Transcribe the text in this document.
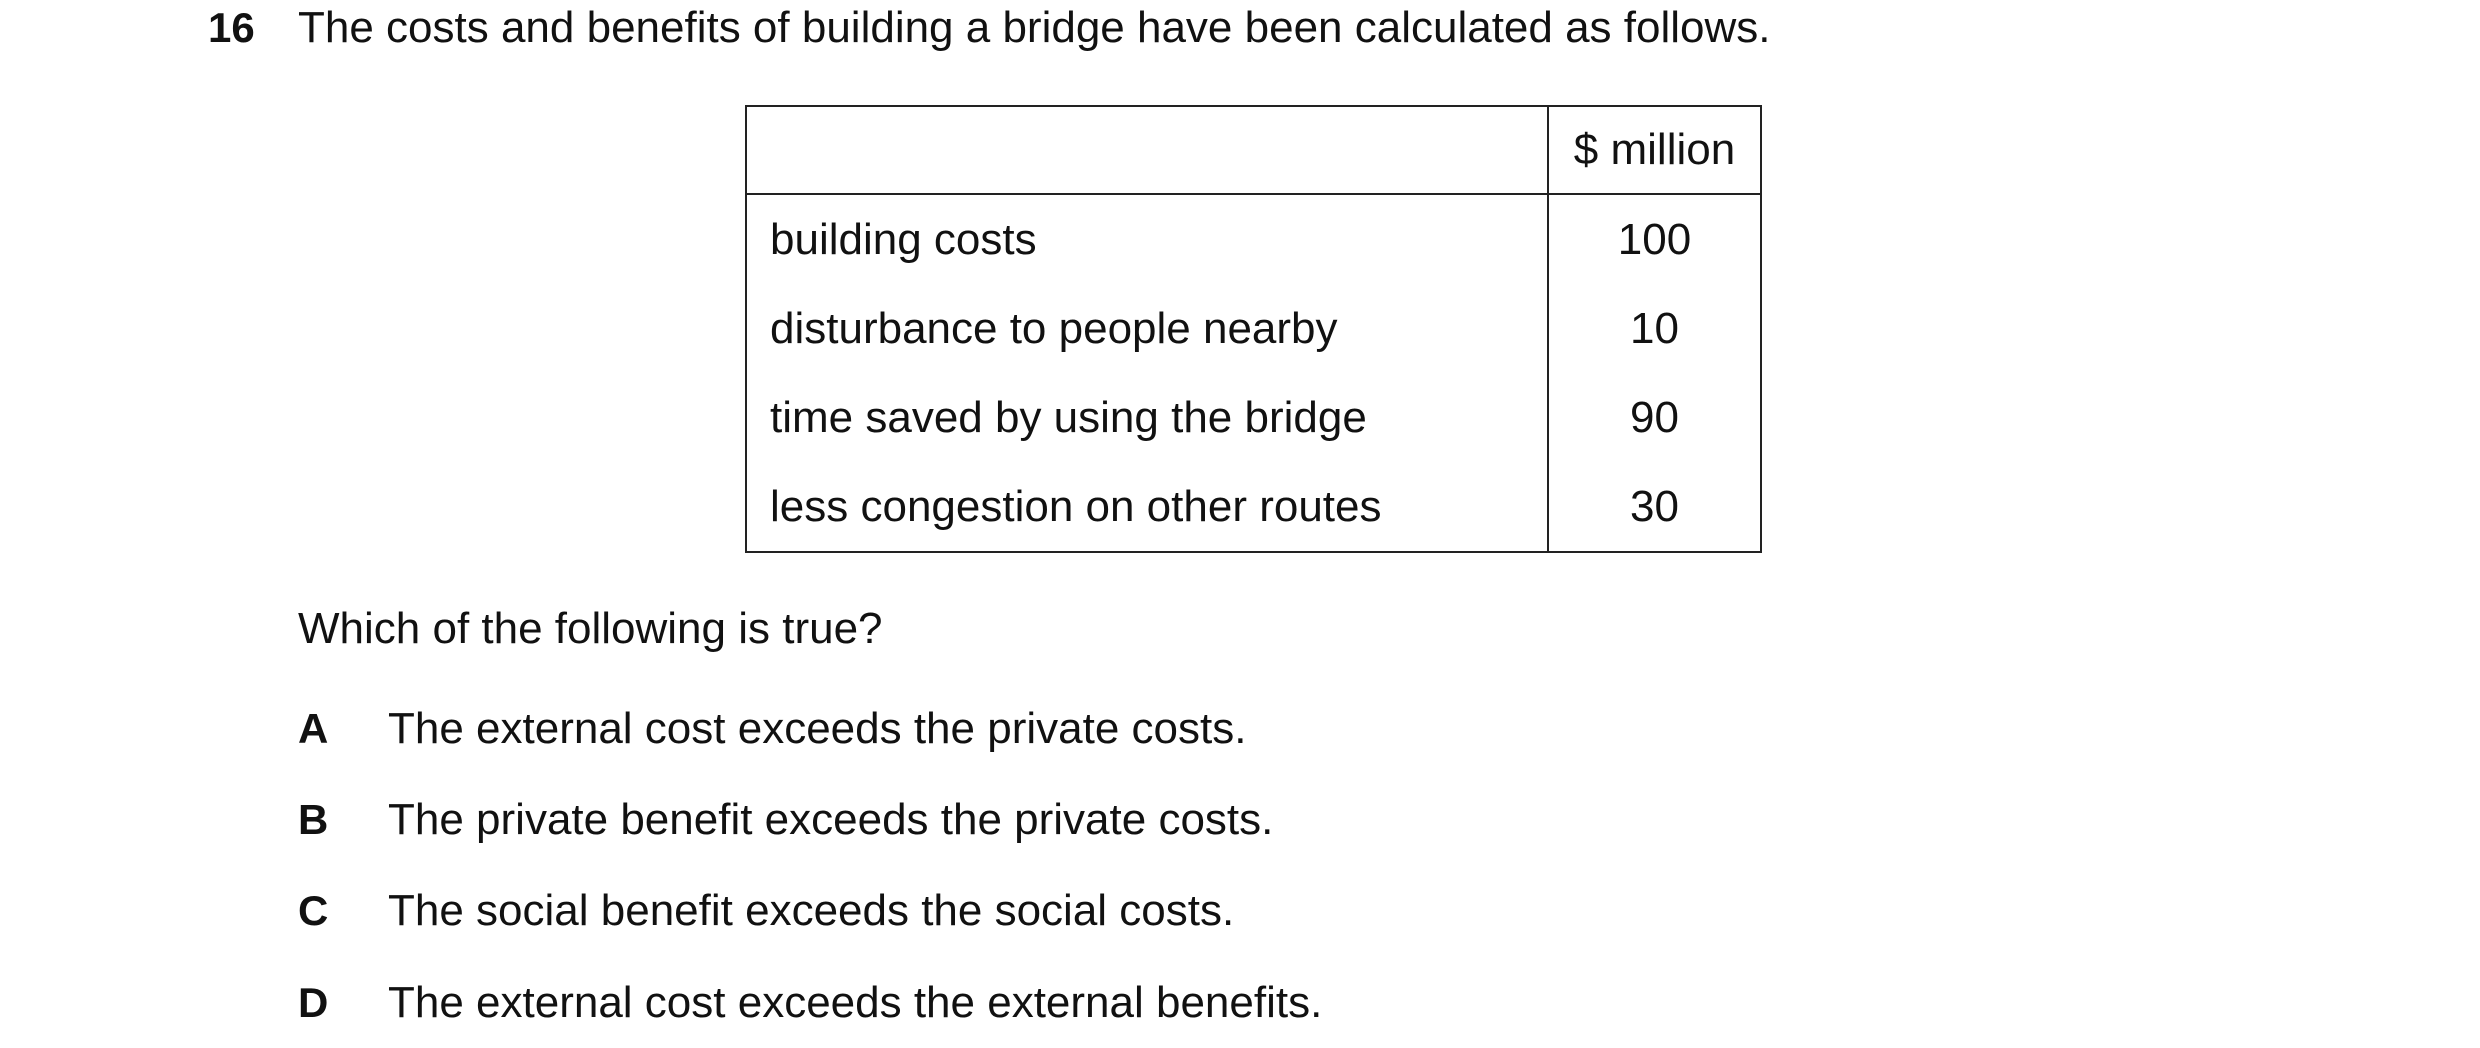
16 The costs and benefits of building a bridge have been calculated as follows.
	$ million
building costs	100
disturbance to people nearby	10
time saved by using the bridge	90
less congestion on other routes	30
Which of the following is true?
A The external cost exceeds the private costs.
B The private benefit exceeds the private costs.
C The social benefit exceeds the social costs.
D The external cost exceeds the external benefits.
